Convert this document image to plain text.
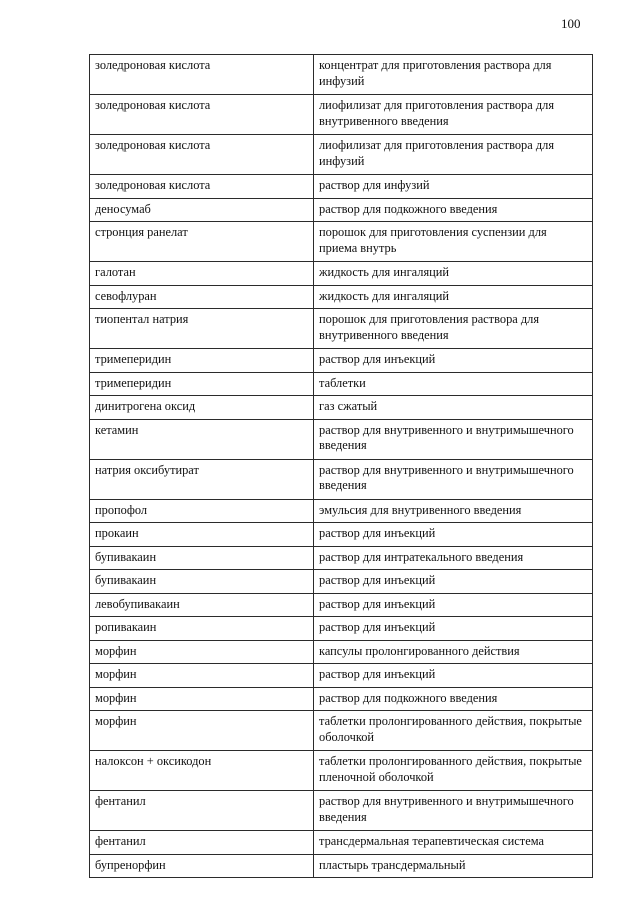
100
золедроновая кислота	концентрат для приготовления раствора для инфузий
золедроновая кислота	лиофилизат для приготовления раствора для внутривенного введения
золедроновая кислота	лиофилизат для приготовления раствора для инфузий
золедроновая кислота	раствор для инфузий
деносумаб	раствор для подкожного введения
стронция ранелат	порошок для приготовления суспензии для приема внутрь
галотан	жидкость для ингаляций
севофлуран	жидкость для ингаляций
тиопентал натрия	порошок для приготовления раствора для внутривенного введения
тримеперидин	раствор для инъекций
тримеперидин	таблетки
динитрогена оксид	газ сжатый
кетамин	раствор для внутривенного и внутримышечного введения
натрия оксибутират	раствор для внутривенного и внутримышечного введения
пропофол	эмульсия для внутривенного введения
прокаин	раствор для инъекций
бупивакаин	раствор для интратекального введения
бупивакаин	раствор для инъекций
левобупивакаин	раствор для инъекций
ропивакаин	раствор для инъекций
морфин	капсулы пролонгированного действия
морфин	раствор для инъекций
морфин	раствор для подкожного введения
морфин	таблетки пролонгированного действия, покрытые оболочкой
налоксон + оксикодон	таблетки пролонгированного действия, покрытые пленочной оболочкой
фентанил	раствор для внутривенного и внутримышечного введения
фентанил	трансдермальная терапевтическая система
бупренорфин	пластырь трансдермальный
